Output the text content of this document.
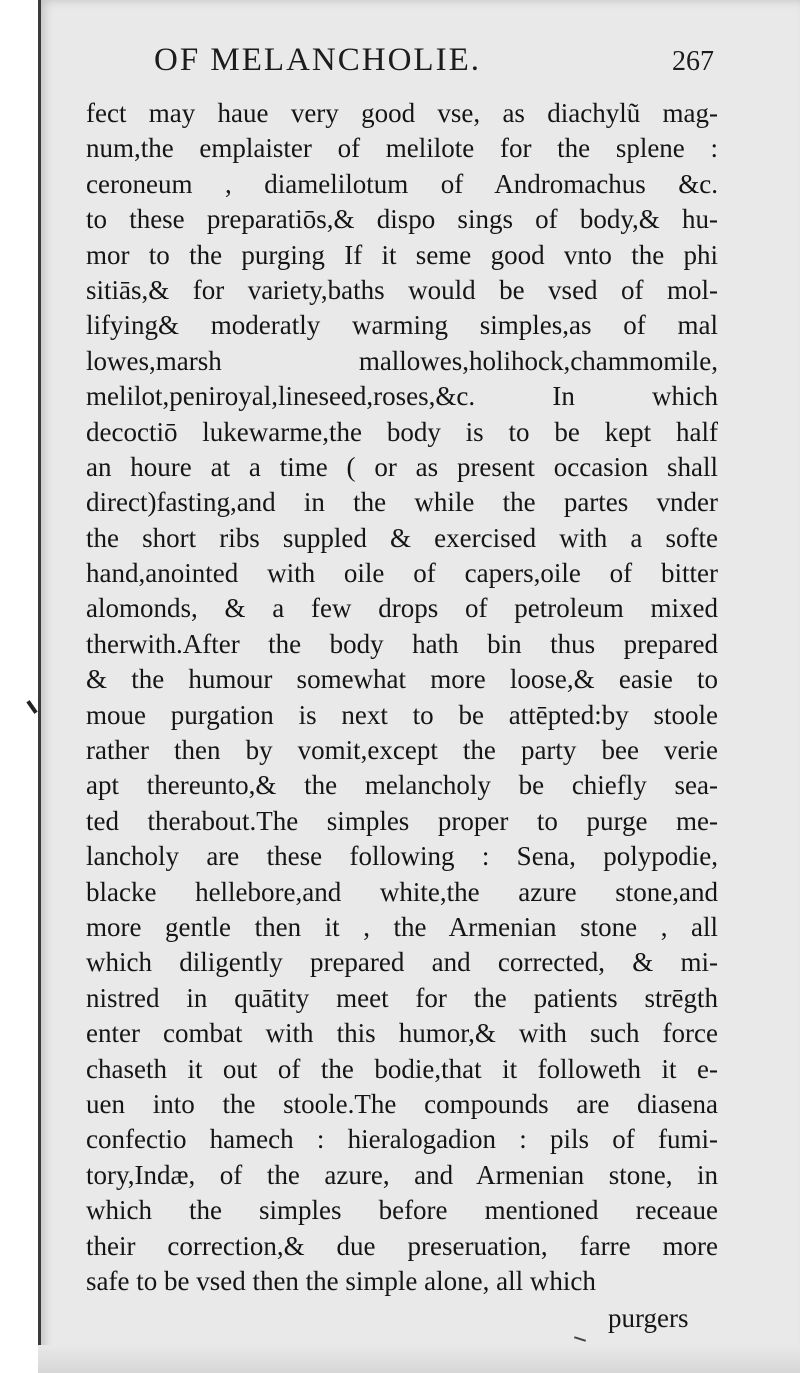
OF MELANCHOLIE.	267
fect may haue very good vse, as diachylũ mag-
num,the emplaister of melilote for the splene :
ceroneum , diamelilotum of Andromachus &c.
to these preparatiōs,& dispo sings of body,& hu-
mor to the purging If it seme good vnto the phi
sitiās,& for variety,baths would be vsed of mol-
lifying& moderatly warming simples,as of mal
lowes,marsh mallowes,holihock,chammomile,
melilot,peniroyal,lineseed,roses,&c. In which
decoctiō lukewarme,the body is to be kept half
an houre at a time ( or as present occasion shall
direct)fasting,and in the while the partes vnder
the short ribs suppled & exercised with a softe
hand,anointed with oile of capers,oile of bitter
alomonds, & a few drops of petroleum mixed
therwith.After the body hath bin thus prepared
& the humour somewhat more loose,& easie to
moue purgation is next to be attēpted:by stoole
rather then by vomit,except the party bee verie
apt thereunto,& the melancholy be chiefly sea-
ted therabout.The simples proper to purge me-
lancholy are these following : Sena, polypodie,
blacke hellebore,and white,the azure stone,and
more gentle then it , the Armenian stone , all
which diligently prepared and corrected, & mi-
nistred in quātity meet for the patients strēgth
enter combat with this humor,& with such force
chaseth it out of the bodie,that it followeth it e-
uen into the stoole.The compounds are diasena
confectio hamech : hieralogadion : pils of fumi-
tory,Indæ, of the azure, and Armenian stone, in
which the simples before mentioned receaue
their correction,& due preseruation, farre more
safe to be vsed then the simple alone, all which
purgers
